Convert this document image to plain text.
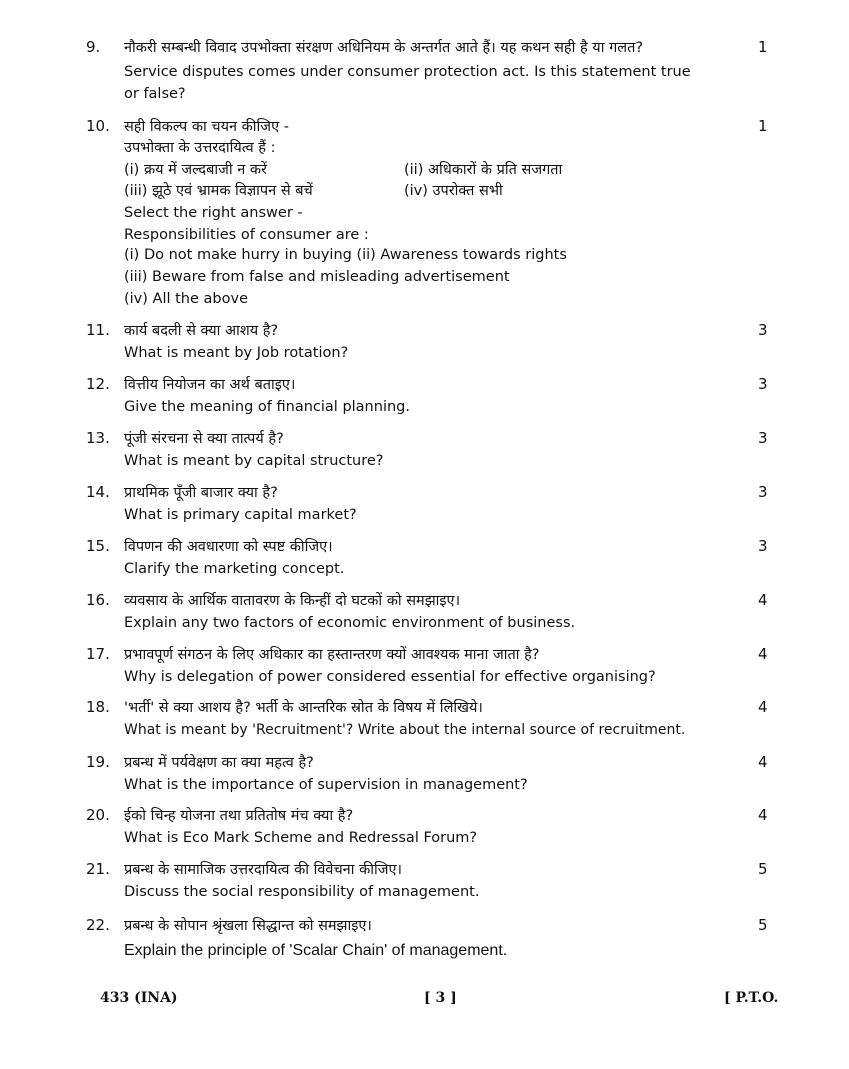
9. नौकरी सम्बन्धी विवाद उपभोक्ता संरक्षण अधिनियम के अन्तर्गत आते हैं। यह कथन सही है या गलत?	1
Service disputes comes under consumer protection act. Is this statement true
or false?
10. सही विकल्प का चयन कीजिए -	1
उपभोक्ता के उत्तरदायित्व हैं :
(i) क्रय में जल्दबाजी न करें	(ii) अधिकारों के प्रति सजगता
(iii) झूठे एवं भ्रामक विज्ञापन से बचें	(iv) उपरोक्त सभी
Select the right answer -
Responsibilities of consumer are :
(i) Do not make hurry in buying (ii) Awareness towards rights
(iii) Beware from false and misleading advertisement
(iv) All the above
11. कार्य बदली से क्या आशय है?	3
What is meant by Job rotation?
12. वित्तीय नियोजन का अर्थ बताइए।	3
Give the meaning of financial planning.
13. पूंजी संरचना से क्या तात्पर्य है?	3
What is meant by capital structure?
14. प्राथमिक पूँजी बाजार क्या है?	3
What is primary capital market?
15. विपणन की अवधारणा को स्पष्ट कीजिए।	3
Clarify the marketing concept.
16. व्यवसाय के आर्थिक वातावरण के किन्हीं दो घटकों को समझाइए।	4
Explain any two factors of economic environment of business.
17. प्रभावपूर्ण संगठन के लिए अधिकार का हस्तान्तरण क्यों आवश्यक माना जाता है?	4
Why is delegation of power considered essential for effective organising?
18. 'भर्ती' से क्या आशय है? भर्ती के आन्तरिक स्रोत के विषय में लिखिये।	4
What is meant by 'Recruitment'? Write about the internal source of recruitment.
19. प्रबन्ध में पर्यवेक्षण का क्या महत्व है?	4
What is the importance of supervision in management?
20. ईको चिन्ह योजना तथा प्रतितोष मंच क्या है?	4
What is Eco Mark Scheme and Redressal Forum?
21. प्रबन्ध के सामाजिक उत्तरदायित्व की विवेचना कीजिए।	5
Discuss the social responsibility of management.
22. प्रबन्ध के सोपान श्रृंखला सिद्धान्त को समझाइए।	5
Explain the principle of 'Scalar Chain' of management.
433 (INA)	[ 3 ]	[ P.T.O.
